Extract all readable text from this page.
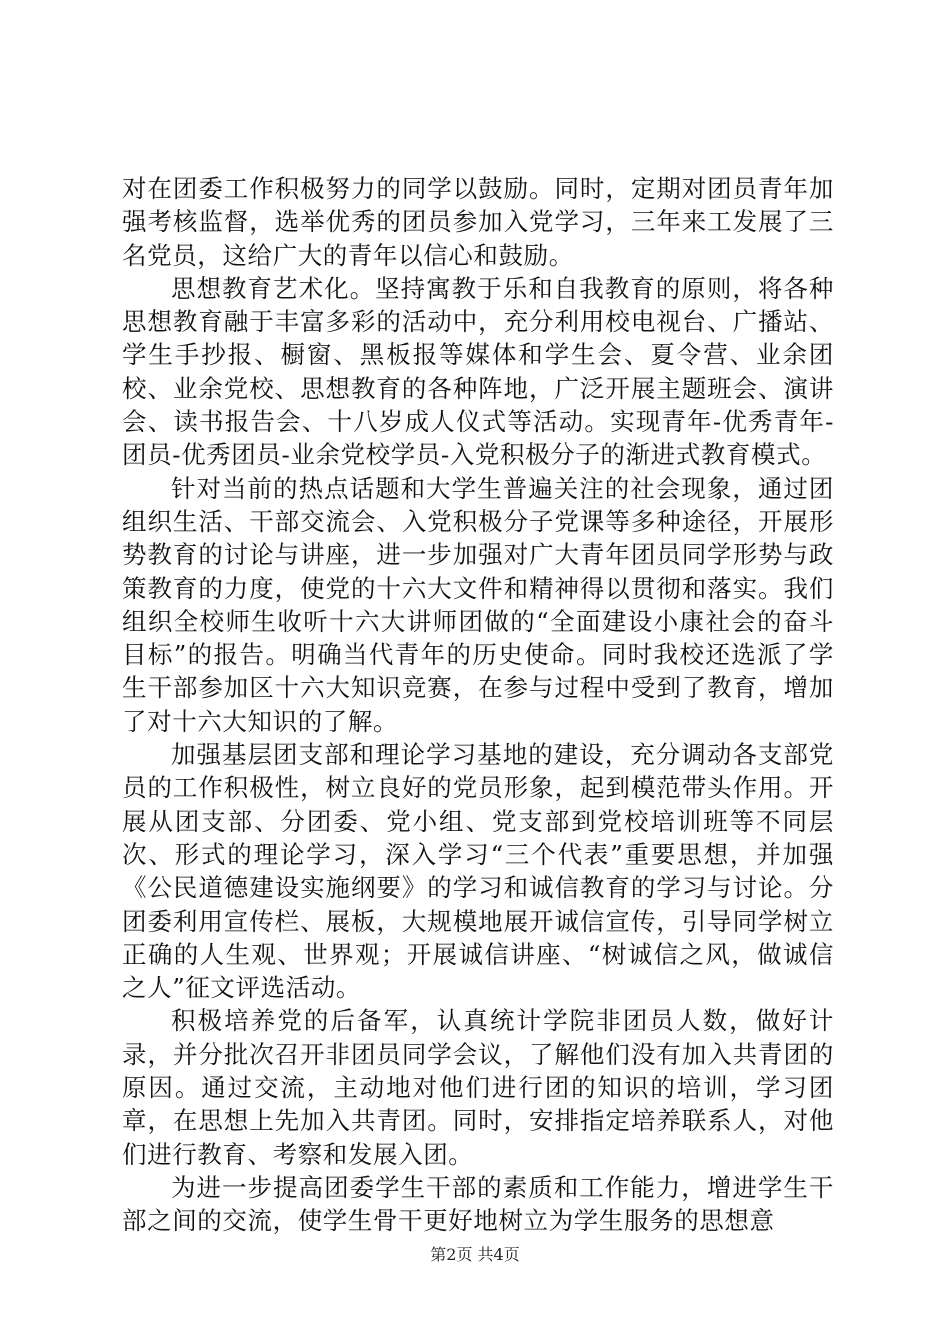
对在团委工作积极努力的同学以鼓励。同时，定期对团员青年加强考核监督，选举优秀的团员参加入党学习，三年来工发展了三名党员，这给广大的青年以信心和鼓励。

思想教育艺术化。坚持寓教于乐和自我教育的原则，将各种思想教育融于丰富多彩的活动中，充分利用校电视台、广播站、学生手抄报、橱窗、黑板报等媒体和学生会、夏令营、业余团校、业余党校、思想教育的各种阵地，广泛开展主题班会、演讲会、读书报告会、十八岁成人仪式等活动。实现青年-优秀青年-团员-优秀团员-业余党校学员-入党积极分子的渐进式教育模式。

针对当前的热点话题和大学生普遍关注的社会现象，通过团组织生活、干部交流会、入党积极分子党课等多种途径，开展形势教育的讨论与讲座，进一步加强对广大青年团员同学形势与政策教育的力度，使党的十六大文件和精神得以贯彻和落实。我们组织全校师生收听十六大讲师团做的“全面建设小康社会的奋斗目标”的报告。明确当代青年的历史使命。同时我校还选派了学生干部参加区十六大知识竞赛，在参与过程中受到了教育，增加了对十六大知识的了解。

加强基层团支部和理论学习基地的建设，充分调动各支部党员的工作积极性，树立良好的党员形象，起到模范带头作用。开展从团支部、分团委、党小组、党支部到党校培训班等不同层次、形式的理论学习，深入学习“三个代表”重要思想，并加强《公民道德建设实施纲要》的学习和诚信教育的学习与讨论。分团委利用宣传栏、展板，大规模地展开诚信宣传，引导同学树立正确的人生观、世界观；开展诚信讲座、“树诚信之风，做诚信之人”征文评选活动。

积极培养党的后备军，认真统计学院非团员人数，做好计录，并分批次召开非团员同学会议，了解他们没有加入共青团的原因。通过交流，主动地对他们进行团的知识的培训，学习团章，在思想上先加入共青团。同时，安排指定培养联系人，对他们进行教育、考察和发展入团。

为进一步提高团委学生干部的素质和工作能力，增进学生干部之间的交流，使学生骨干更好地树立为学生服务的思想意

第2页 共4页
